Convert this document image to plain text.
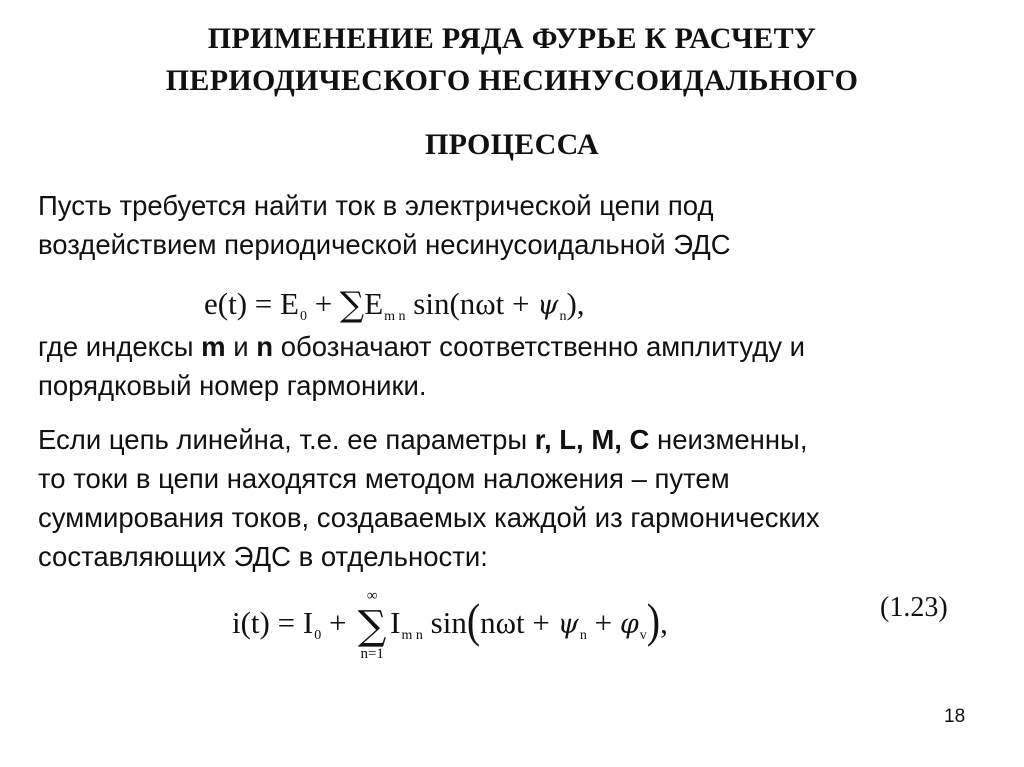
ПРИМЕНЕНИЕ РЯДА ФУРЬЕ К РАСЧЕТУ
ПЕРИОДИЧЕСКОГО НЕСИНУСОИДАЛЬНОГО
ПРОЦЕССА
Пусть требуется найти ток в электрической цепи под
воздействием периодической несинусоидальной ЭДС
$e(t) = E_0 + \sum E_{m n}$ $\sin(n\omega t + \psi_n)$,
где индексы m и n обозначают соответственно амплитуду и
порядковый номер гармоники.
Если цепь линейна, т.е. ее параметры r, L, M, C неизменны,
то токи в цепи находятся методом наложения – путем
суммирования токов, создаваемых каждой из гармонических
составляющих ЭДС в отдельности:
$i(t) = I_0$ +
∞
∑
n=1
$I_{m n}$ $\sin(n\omega t + \psi_n + \varphi_v)$,	(1.23)
18
